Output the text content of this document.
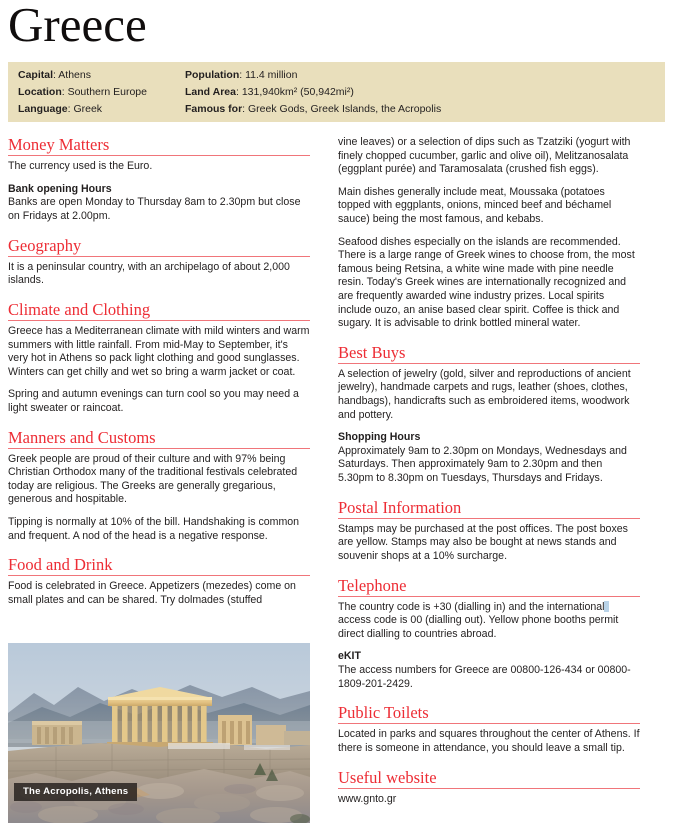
Greece
Capital: Athens
Location: Southern Europe
Language: Greek
Population: 11.4 million
Land Area: 131,940km² (50,942mi²)
Famous for: Greek Gods, Greek Islands, the Acropolis
Money Matters

The currency used is the Euro.

Bank opening Hours

Banks are open Monday to Thursday 8am to 2.30pm but close on Fridays at 2.00pm.

Geography

It is a peninsular country, with an archipelago of about 2,000 islands.

Climate and Clothing

Greece has a Mediterranean climate with mild winters and warm summers with little rainfall. From mid-May to September, it's very hot in Athens so pack light clothing and good sunglasses. Winters can get chilly and wet so bring a warm jacket or coat.

Spring and autumn evenings can turn cool so you may need a light sweater or raincoat.

Manners and Customs

Greek people are proud of their culture and with 97% being Christian Orthodox many of the traditional festivals celebrated today are religious. The Greeks are generally gregarious, generous and hospitable.

Tipping is normally at 10% of the bill. Handshaking is common and frequent. A nod of the head is a negative response.

Food and Drink

Food is celebrated in Greece. Appetizers (mezedes) come on small plates and can be shared. Try dolmades (stuffed

vine leaves) or a selection of dips such as Tzatziki (yogurt with finely chopped cucumber, garlic and olive oil), Melitzanosalata (eggplant purée) and Taramosalata (crushed fish eggs).

Main dishes generally include meat, Moussaka (potatoes topped with eggplants, onions, minced beef and béchamel sauce) being the most famous, and kebabs.

Seafood dishes especially on the islands are recommended. There is a large range of Greek wines to choose from, the most famous being Retsina, a white wine made with pine needle resin. Today's Greek wines are internationally recognized and are frequently awarded wine industry prizes. Local spirits include ouzo, an anise based clear spirit. Coffee is thick and sugary. It is advisable to drink bottled mineral water.

Best Buys

A selection of jewelry (gold, silver and reproductions of ancient jewelry), handmade carpets and rugs, leather (shoes, clothes, handbags), handicrafts such as embroidered items, woodwork and pottery.

Shopping Hours

Approximately 9am to 2.30pm on Mondays, Wednesdays and Saturdays. Then approximately 9am to 2.30pm and then 5.30pm to 8.30pm on Tuesdays, Thursdays and Fridays.

Postal Information

Stamps may be purchased at the post offices. The post boxes are yellow. Stamps may also be bought at news stands and souvenir shops at a 10% surcharge.

Telephone

The country code is +30 (dialling in) and the international access code is 00 (dialling out). Yellow phone booths permit direct dialling to countries abroad.

eKIT

The access numbers for Greece are 00800-126-434 or 00800-1809-201-2429.

Public Toilets

Located in parks and squares throughout the center of Athens. If there is someone in attendance, you should leave a small tip.

Useful website

www.gnto.gr

The Acropolis, Athens
